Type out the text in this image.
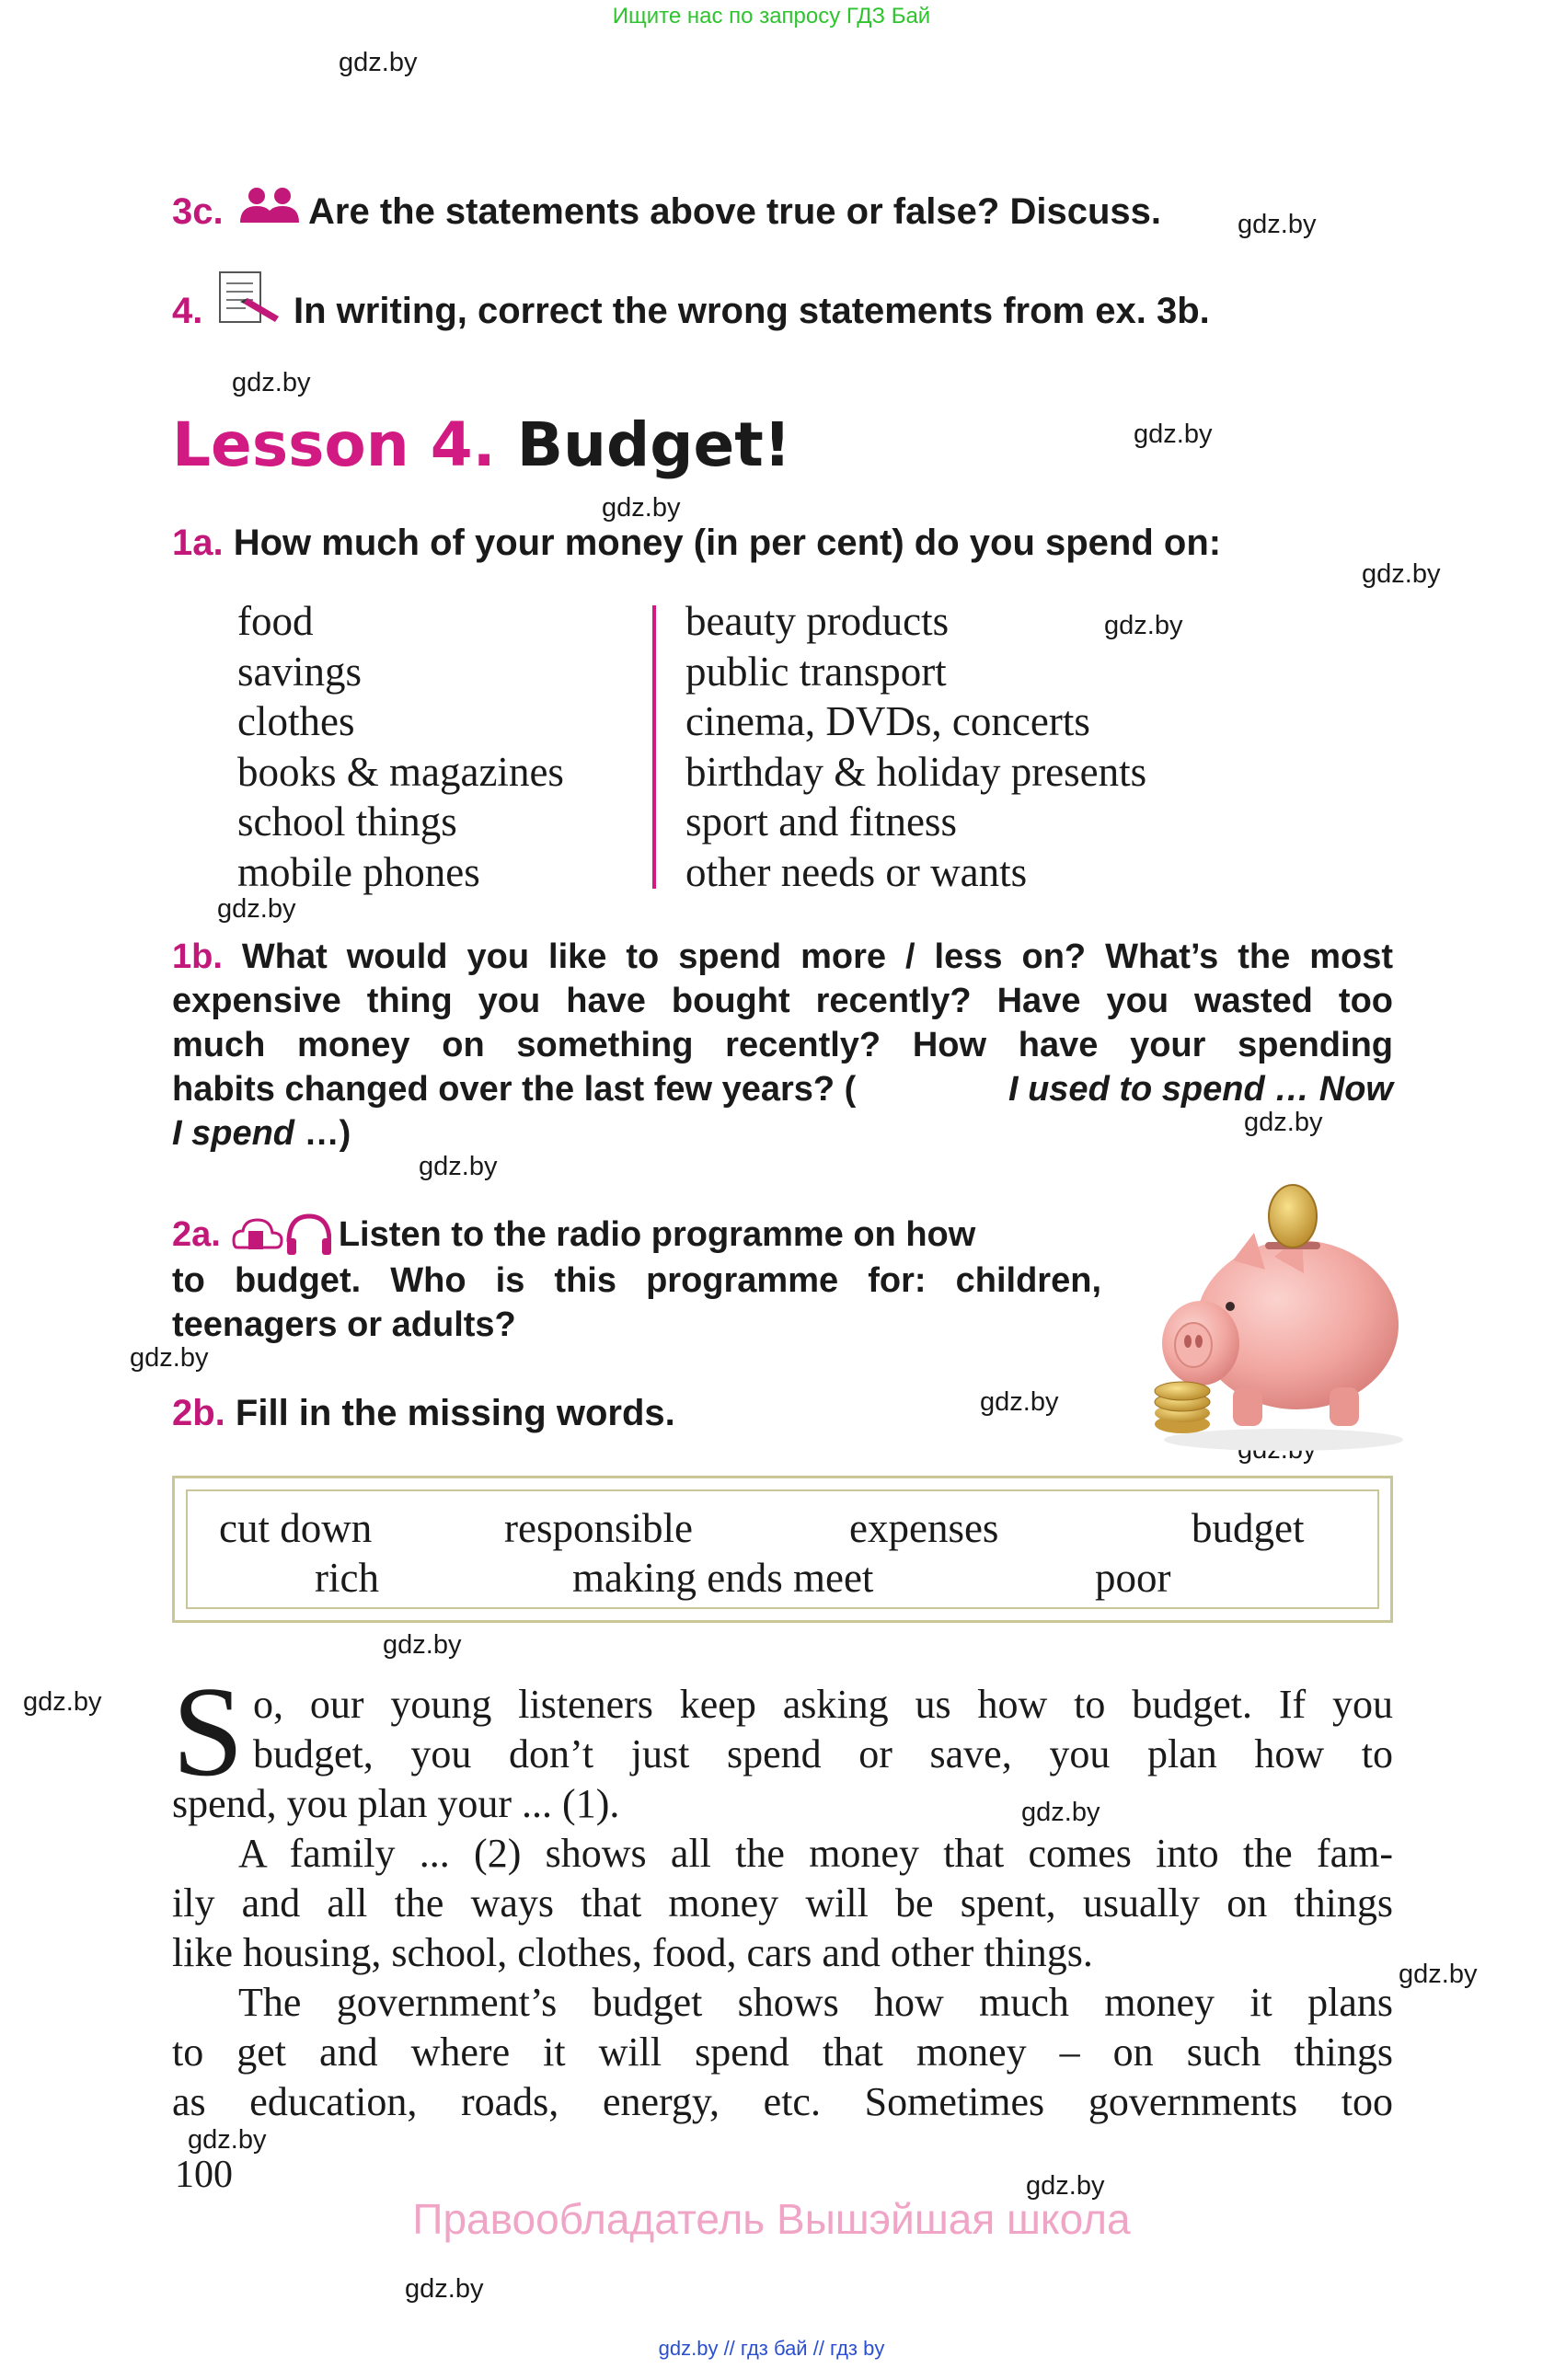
Ищите нас по запросу ГДЗ Бай
gdz.by
gdz.by
gdz.by
gdz.by
gdz.by
gdz.by
gdz.by
gdz.by
gdz.by
gdz.by
gdz.by
gdz.by
gdz.by
gdz.by
gdz.by
gdz.by
gdz.by
gdz.by
gdz.by
3c. Are the statements above true or false? Discuss.
4. In writing, correct the wrong statements from ex. 3b.
Lesson 4. Budget!
1a. How much of your money (in per cent) do you spend on:
food
savings
clothes
books & magazines
school things
mobile phones
beauty products
public transport
cinema, DVDs, concerts
birthday & holiday presents
sport and fitness
other needs or wants
1b. What would you like to spend more / less on? What’s the most
expensive thing you have bought recently? Have you wasted too
much money on something recently? How have your spending
habits changed over the last few years? (	I used to spend … Now
I spend …)
2a.	Listen to the radio programme on how
to budget. Who is this programme for: children,
teenagers or adults?
2b. Fill in the missing words.
cut down	responsible	expenses	budget
rich	making ends meet	poor
S o, our young listeners keep asking us how to budget. If you
budget, you don’t just spend or save, you plan how to
spend, you plan your ... (1).
A family ... (2) shows all the money that comes into the fam-
ily and all the ways that money will be spent, usually on things
like housing, school, clothes, food, cars and other things.
The government’s budget shows how much money it plans
to get and where it will spend that money – on such things
as education, roads, energy, etc. Sometimes governments too
100
Правообладатель Вышэйшая школа
gdz.by // гдз бай // гдз by
